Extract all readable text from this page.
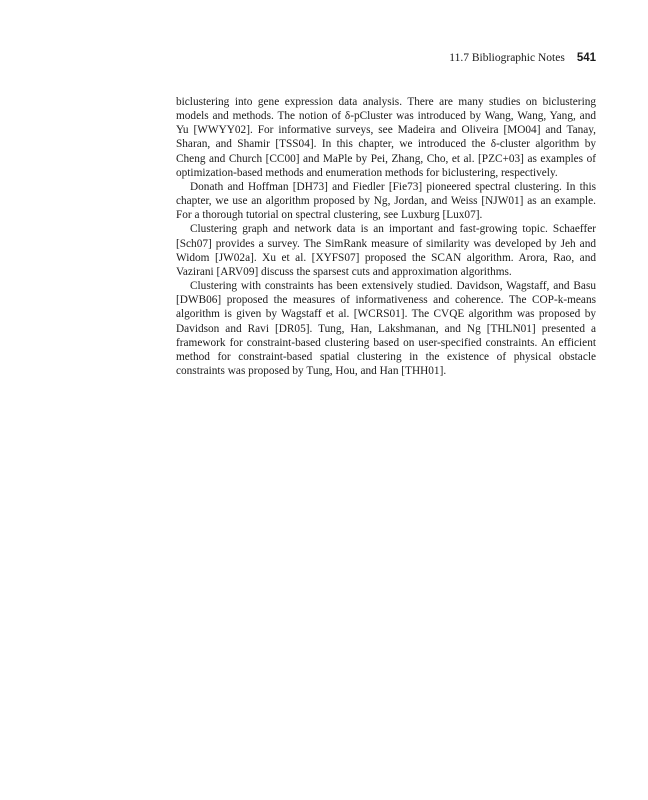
11.7 Bibliographic Notes 541

biclustering into gene expression data analysis. There are many studies on biclustering models and methods. The notion of δ-pCluster was introduced by Wang, Wang, Yang, and Yu [WWYY02]. For informative surveys, see Madeira and Oliveira [MO04] and Tanay, Sharan, and Shamir [TSS04]. In this chapter, we introduced the δ-cluster algorithm by Cheng and Church [CC00] and MaPle by Pei, Zhang, Cho, et al. [PZC+03] as examples of optimization-based methods and enumeration methods for biclustering, respectively.

Donath and Hoffman [DH73] and Fiedler [Fie73] pioneered spectral clustering. In this chapter, we use an algorithm proposed by Ng, Jordan, and Weiss [NJW01] as an example. For a thorough tutorial on spectral clustering, see Luxburg [Lux07].

Clustering graph and network data is an important and fast-growing topic. Schaeffer [Sch07] provides a survey. The SimRank measure of similarity was developed by Jeh and Widom [JW02a]. Xu et al. [XYFS07] proposed the SCAN algorithm. Arora, Rao, and Vazirani [ARV09] discuss the sparsest cuts and approximation algorithms.

Clustering with constraints has been extensively studied. Davidson, Wagstaff, and Basu [DWB06] proposed the measures of informativeness and coherence. The COP-k-means algorithm is given by Wagstaff et al. [WCRS01]. The CVQE algorithm was proposed by Davidson and Ravi [DR05]. Tung, Han, Lakshmanan, and Ng [THLN01] presented a framework for constraint-based clustering based on user-specified constraints. An efficient method for constraint-based spatial clustering in the existence of physical obstacle constraints was proposed by Tung, Hou, and Han [THH01].
